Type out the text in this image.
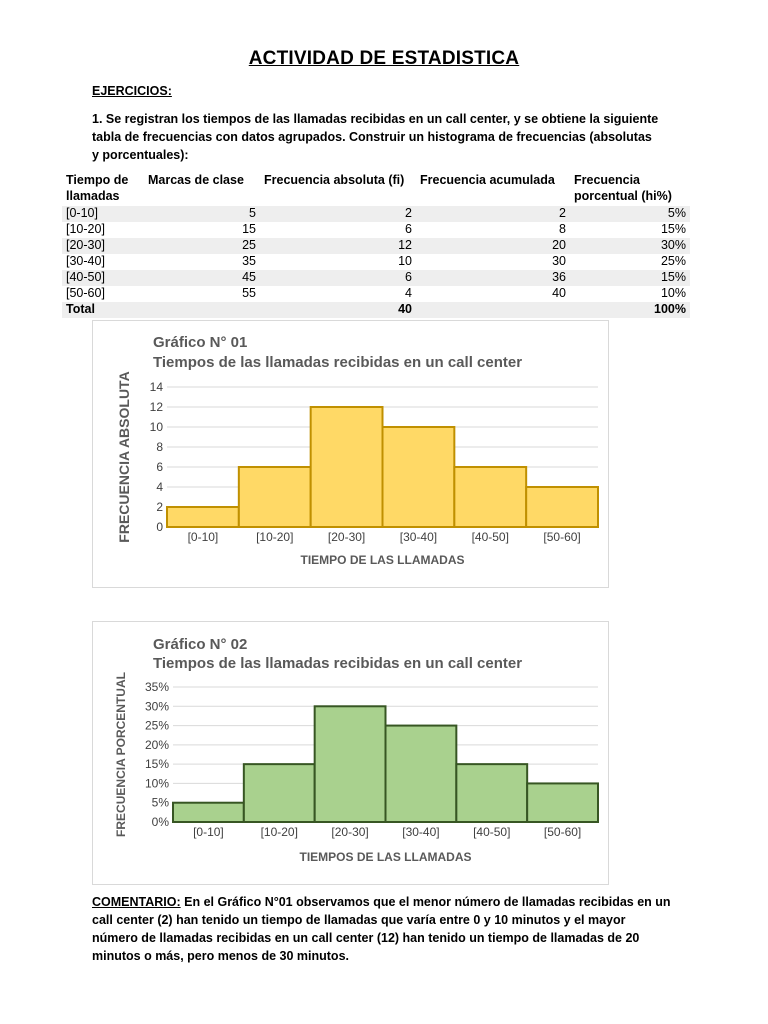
ACTIVIDAD DE ESTADISTICA
EJERCICIOS:
1. Se registran los tiempos de las llamadas recibidas en un call center, y se obtiene la siguiente tabla de frecuencias con datos agrupados. Construir un histograma de frecuencias (absolutas y porcentuales):
Tiempo de llamadas	Marcas de clase	Frecuencia absoluta (fi)	Frecuencia acumulada	Frecuencia porcentual (hi%)
[0-10]	5	2	2	5%
[10-20]	15	6	8	15%
[20-30]	25	12	20	30%
[30-40]	35	10	30	25%
[40-50]	45	6	36	15%
[50-60]	55	4	40	10%
Total		40		100%
Gráfico N° 01
Tiempos de las llamadas recibidas en un call center
0
2
4
6
8
10
12
14
[0-10]	[10-20]	[20-30]	[30-40]	[40-50]	[50-60]
TIEMPO DE LAS LLAMADAS
FRECUENCIA ABSOLUTA
Gráfico N° 02
Tiempos de las llamadas recibidas en un call center
0%
5%
10%
15%
20%
25%
30%
35%
[0-10]	[10-20]	[20-30]	[30-40]	[40-50]	[50-60]
TIEMPOS DE LAS LLAMADAS
FRECUENCIA PORCENTUAL
COMENTARIO: En el Gráfico N°01 observamos que el menor número de llamadas recibidas en un call center (2) han tenido un tiempo de llamadas que varía entre 0 y 10 minutos y el mayor número de llamadas recibidas en un call center (12) han tenido un tiempo de llamadas de 20 minutos o más, pero menos de 30 minutos.
